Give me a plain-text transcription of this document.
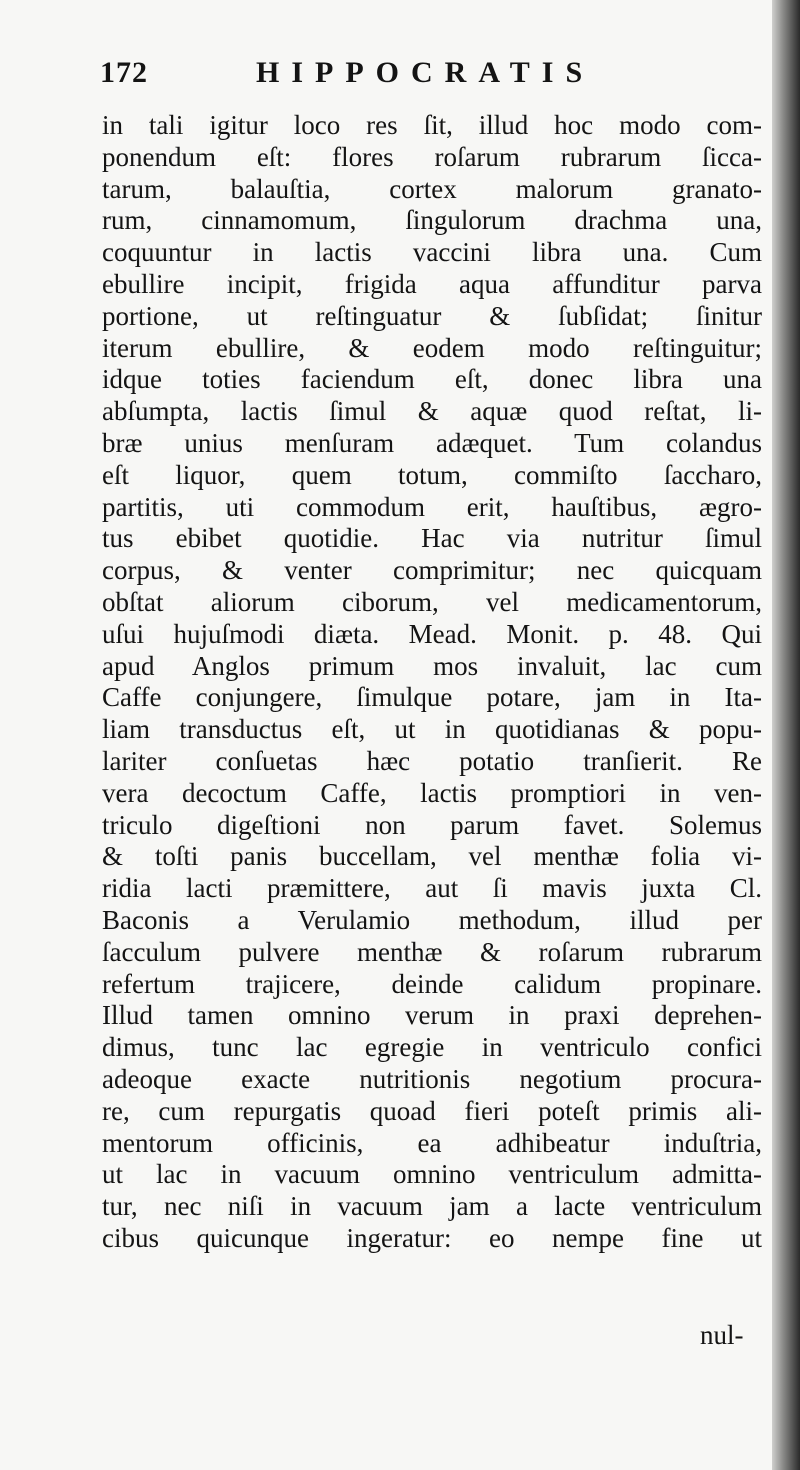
172	HIPPOCRATIS
in tali igitur loco res ſit, illud hoc modo com-
ponendum eſt: flores roſarum rubrarum ſicca-
tarum, balauſtia, cortex malorum granato-
rum, cinnamomum, ſingulorum drachma una,
coquuntur in lactis vaccini libra una. Cum
ebullire incipit, frigida aqua affunditur parva
portione, ut reſtinguatur & ſubſidat; ſinitur
iterum ebullire, & eodem modo reſtinguitur;
idque toties faciendum eſt, donec libra una
abſumpta, lactis ſimul & aquæ quod reſtat, li-
bræ unius menſuram adæquet. Tum colandus
eſt liquor, quem totum, commiſto ſaccharo,
partitis, uti commodum erit, hauſtibus, ægro-
tus ebibet quotidie. Hac via nutritur ſimul
corpus, & venter comprimitur; nec quicquam
obſtat aliorum ciborum, vel medicamentorum,
uſui hujuſmodi diæta. Mead. Monit. p. 48. Qui
apud Anglos primum mos invaluit, lac cum
Caffe conjungere, ſimulque potare, jam in Ita-
liam transductus eſt, ut in quotidianas & popu-
lariter conſuetas hæc potatio tranſierit. Re
vera decoctum Caffe, lactis promptiori in ven-
triculo digeſtioni non parum favet. Solemus
& toſti panis buccellam, vel menthæ folia vi-
ridia lacti præmittere, aut ſi mavis juxta Cl.
Baconis a Verulamio methodum, illud per
ſacculum pulvere menthæ & roſarum rubrarum
refertum trajicere, deinde calidum propinare.
Illud tamen omnino verum in praxi deprehen-
dimus, tunc lac egregie in ventriculo confici
adeoque exacte nutritionis negotium procura-
re, cum repurgatis quoad fieri poteſt primis ali-
mentorum officinis, ea adhibeatur induſtria,
ut lac in vacuum omnino ventriculum admitta-
tur, nec niſi in vacuum jam a lacte ventriculum
cibus quicunque ingeratur: eo nempe fine ut
nul-
